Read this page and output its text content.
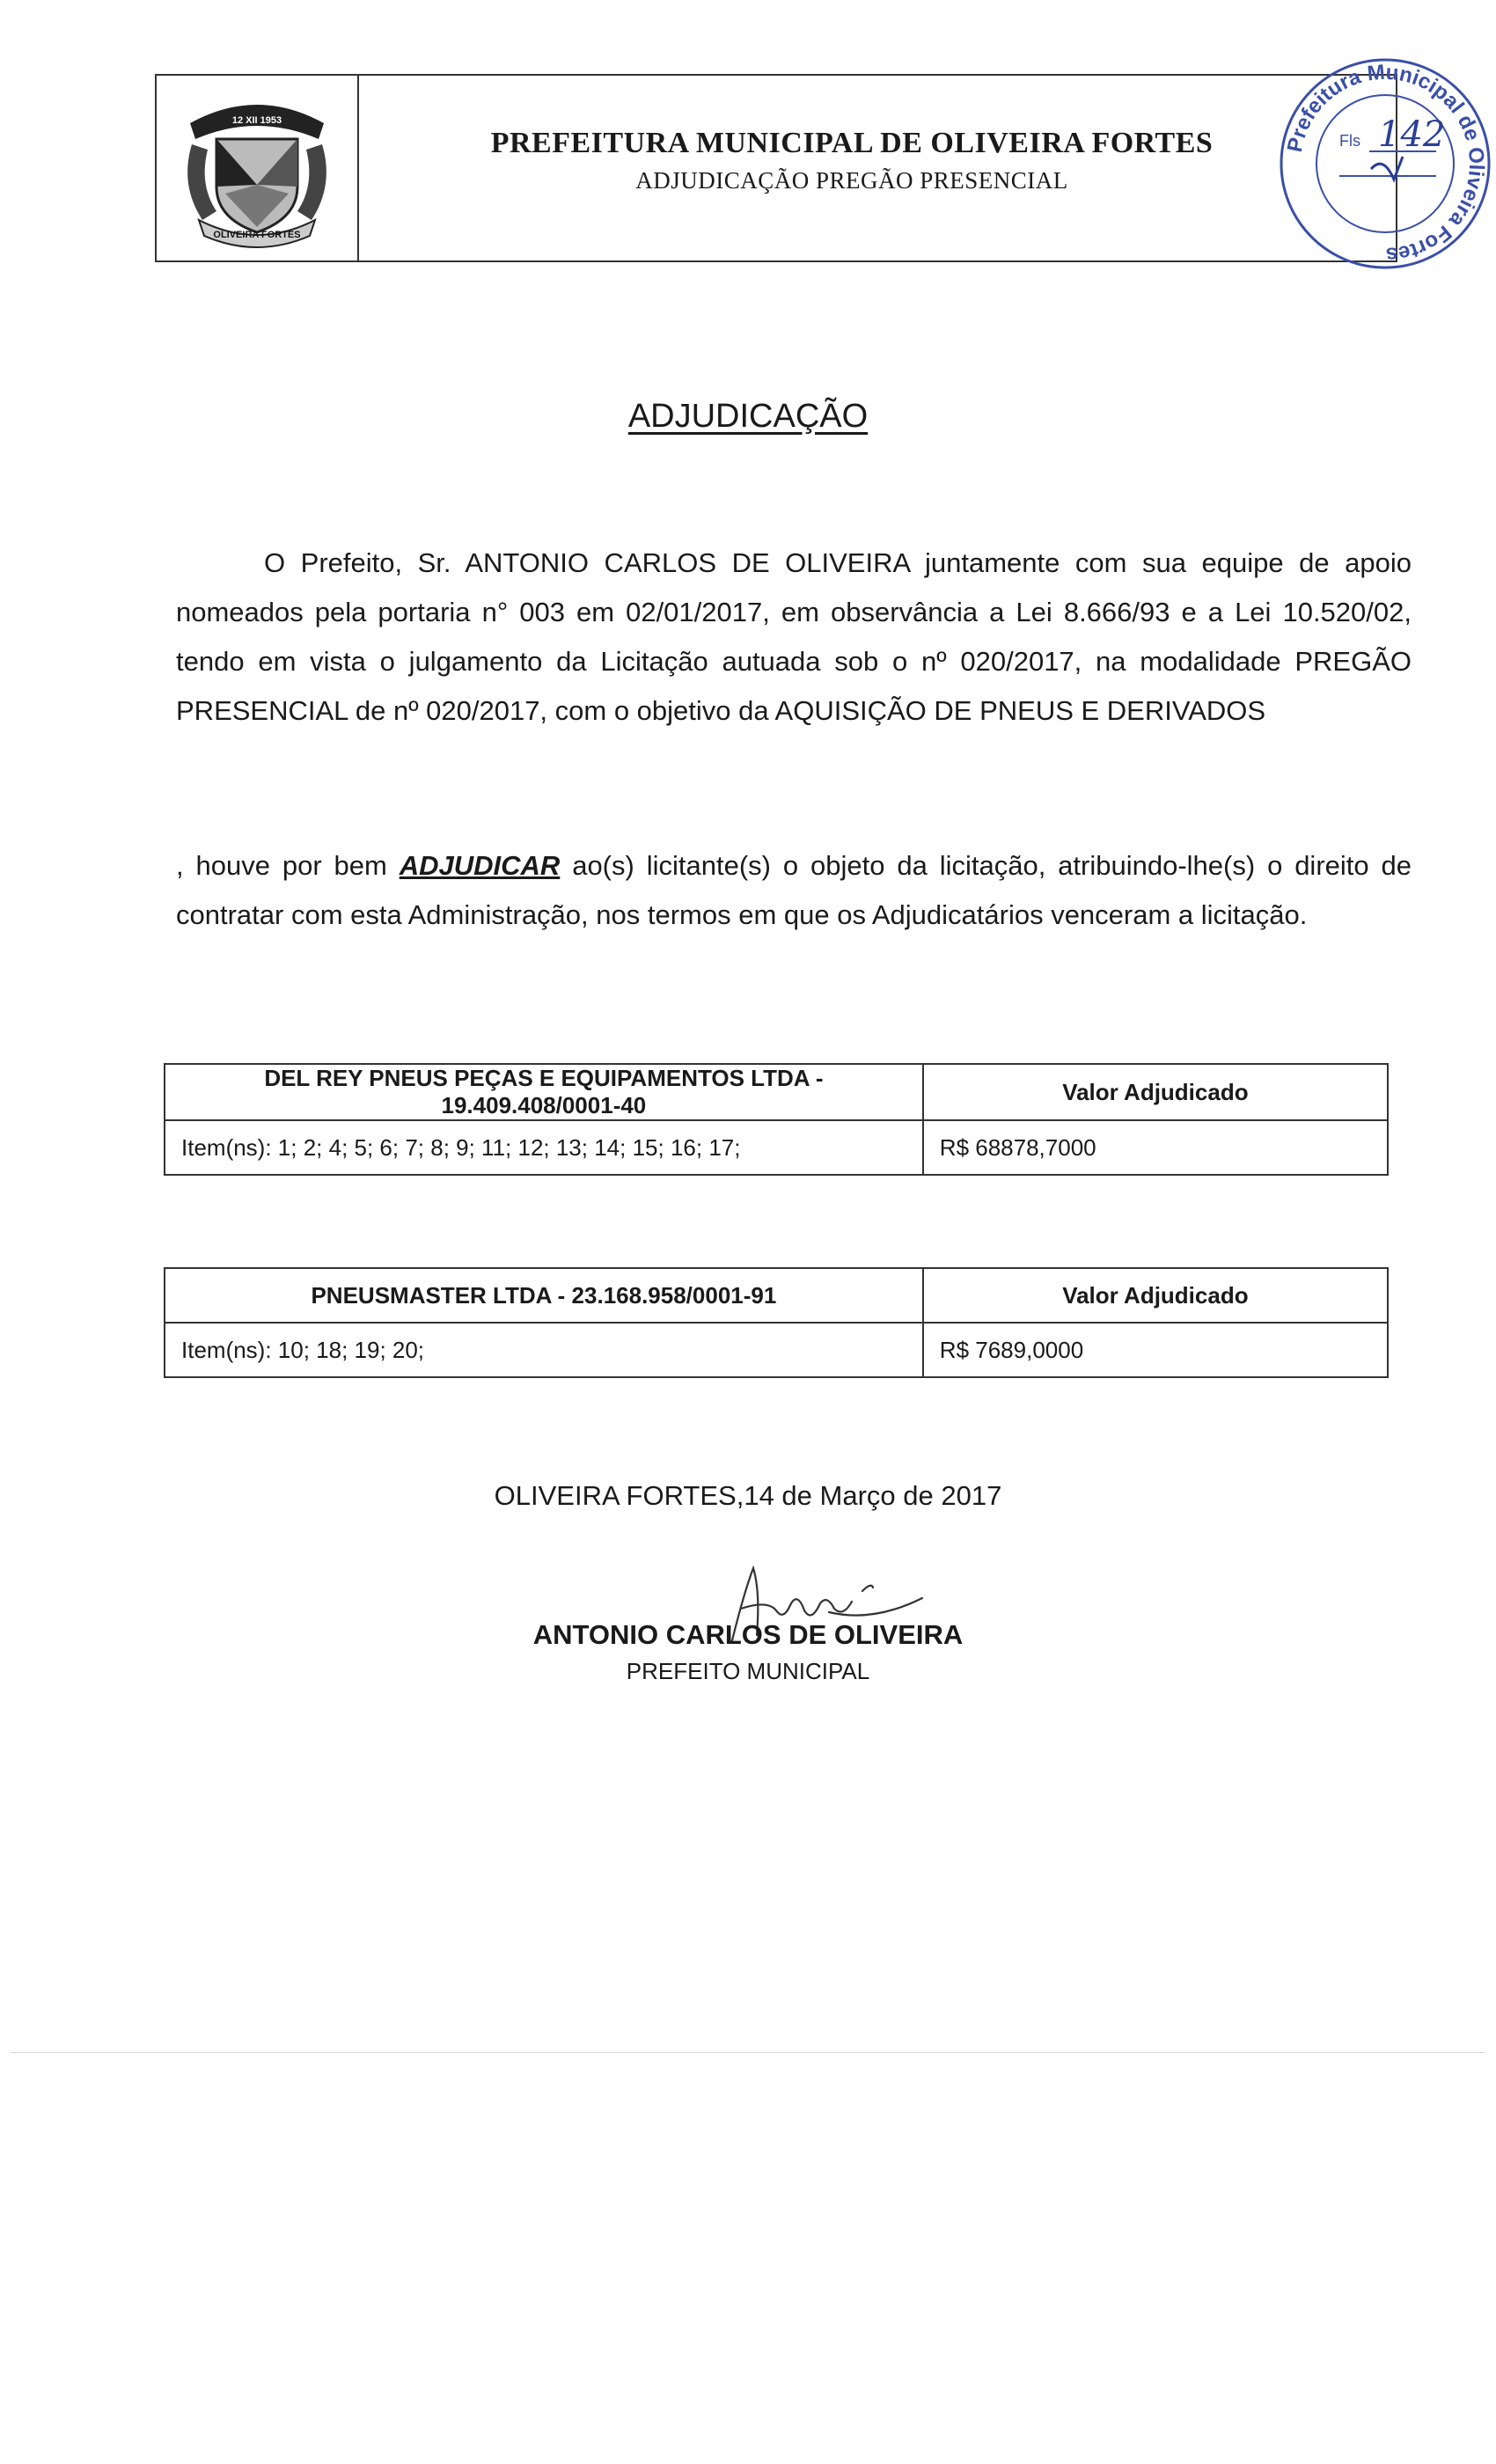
12 XII 1953
OLIVEIRA FORTES
PREFEITURA MUNICIPAL DE OLIVEIRA FORTES
ADJUDICAÇÃO PREGÃO PRESENCIAL
Prefeitura Municipal de Oliveira Fortes
Fls 142
ADJUDICAÇÃO
O Prefeito, Sr. ANTONIO CARLOS DE OLIVEIRA juntamente com sua equipe de apoio nomeados pela portaria n° 003 em 02/01/2017, em observância a Lei 8.666/93 e a Lei 10.520/02, tendo em vista o julgamento da Licitação autuada sob o nº 020/2017, na modalidade PREGÃO PRESENCIAL de nº 020/2017, com o objetivo da AQUISIÇÃO DE PNEUS E DERIVADOS
, houve por bem ADJUDICAR ao(s) licitante(s) o objeto da licitação, atribuindo-lhe(s) o direito de contratar com esta Administração, nos termos em que os Adjudicatários venceram a licitação.
DEL REY PNEUS PEÇAS E EQUIPAMENTOS LTDA - 19.409.408/0001-40	Valor Adjudicado
Item(ns): 1; 2; 4; 5; 6; 7; 8; 9; 11; 12; 13; 14; 15; 16; 17;	R$ 68878,7000
PNEUSMASTER LTDA - 23.168.958/0001-91	Valor Adjudicado
Item(ns): 10; 18; 19; 20;	R$ 7689,0000
OLIVEIRA FORTES,14 de Março de 2017
ANTONIO CARLOS DE OLIVEIRA
PREFEITO MUNICIPAL
